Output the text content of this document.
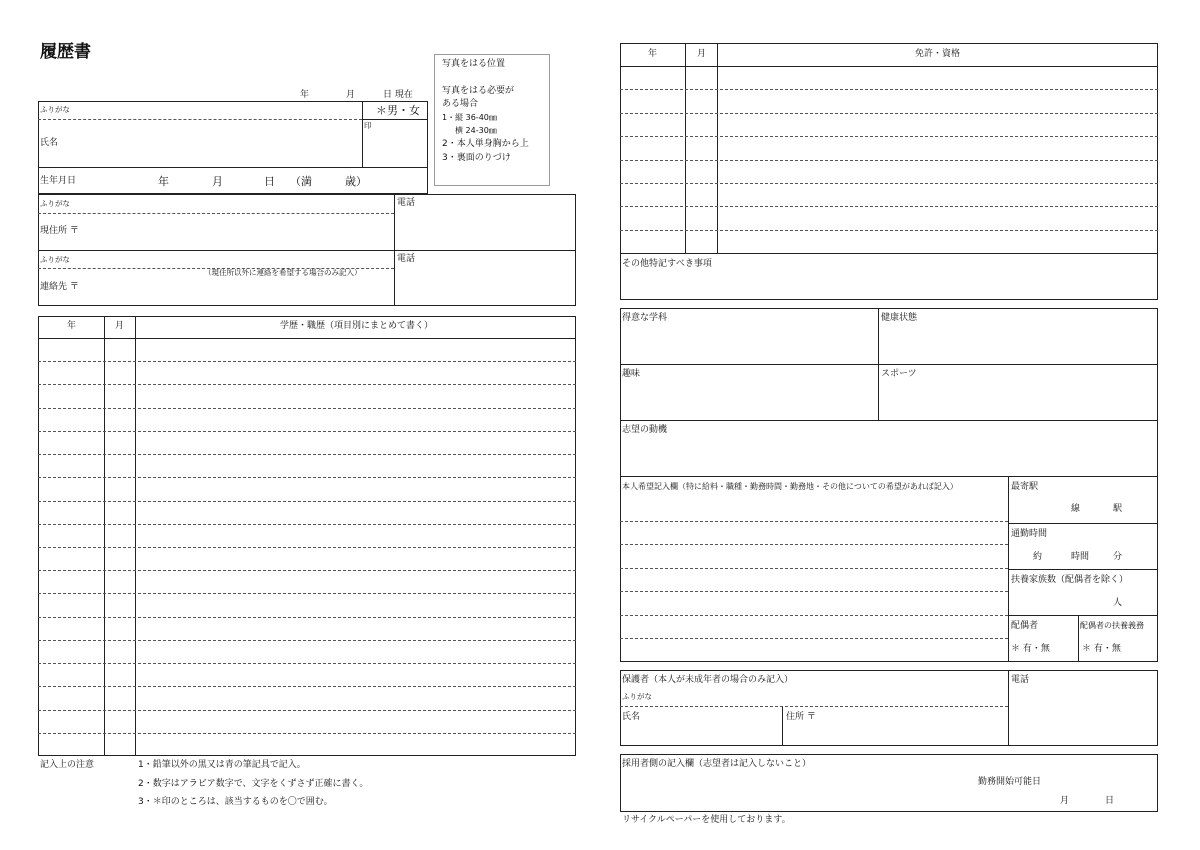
履歴書
年	月	日 現在
写真をはる位置
写真をはる必要が
ある場合
1・縦 36-40㎜
横 24-30㎜
2・本人単身胸から上
3・裏面のりづけ
ふりがな	＊男・女
印
氏名
生年月日	年	月	日 （満	歳）
ふりがな
現住所 〒
電話
ふりがな
（現住所以外に連絡を希望する場合のみ記入）
連絡先 〒
電話
年	月	学歴・職歴（項目別にまとめて書く）
記入上の注意	1・鉛筆以外の黒又は青の筆記具で記入。
2・数字はアラビア数字で、文字をくずさず正確に書く。
3・＊印のところは、該当するものを〇で囲む。
年	月	免許・資格
その他特記すべき事項
得意な学科	健康状態
趣味	スポーツ
志望の動機
本人希望記入欄（特に給料・職種・勤務時間・勤務地・その他についての希望があれば記入）	最寄駅
線	駅
通勤時間
約	時間	分
扶養家族数（配偶者を除く）
人
配偶者
＊ 有・無
配偶者の扶養義務
＊ 有・無
保護者（本人が未成年者の場合のみ記入）
ふりがな
氏名	住所 〒
電話
採用者側の記入欄（志望者は記入しないこと）
勤務開始可能日
月	日
リサイクルペーパーを使用しております。
